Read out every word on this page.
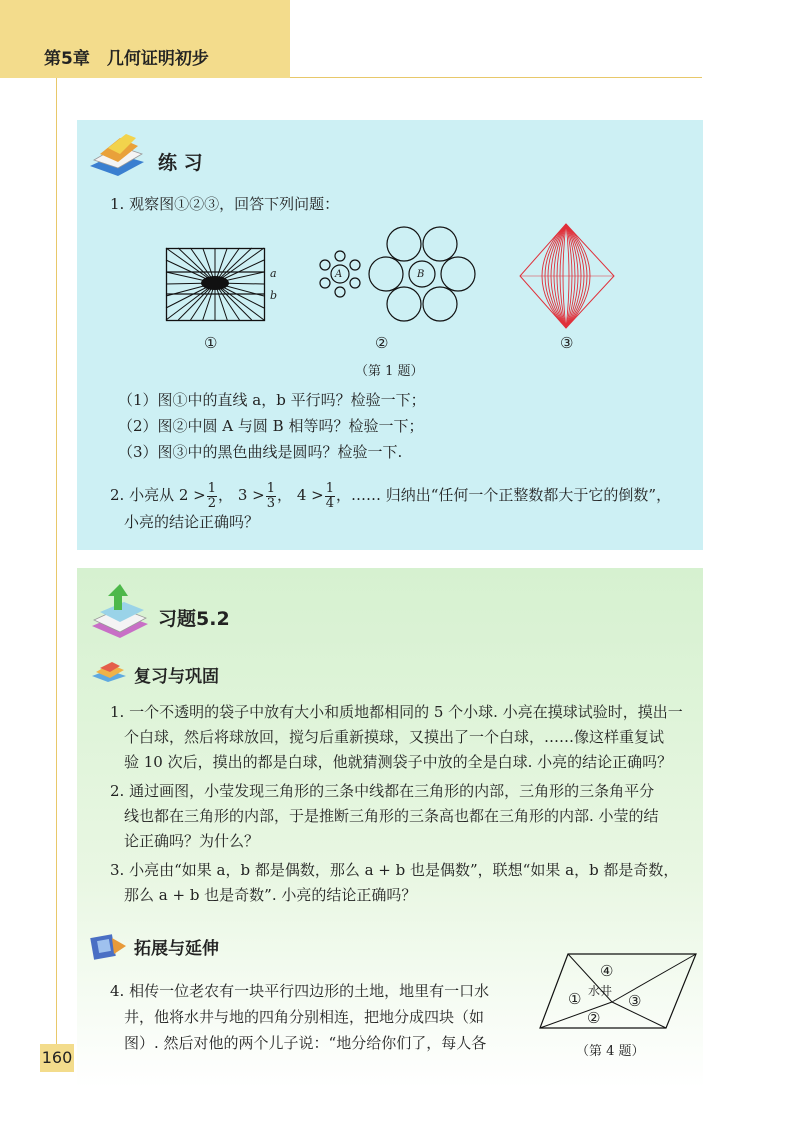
第5章　几何证明初步
练 习
1. 观察图①②③，回答下列问题：
a
b
A	B
①	②	③
（第 1 题）
（1）图①中的直线 a，b 平行吗？检验一下；
（2）图②中圆 A 与圆 B 相等吗？检验一下；
（3）图③中的黑色曲线是圆吗？检验一下.
2. 小亮从 $2 > \frac{1}{2}$ ， $3 > \frac{1}{3}$ ， $4 > \frac{1}{4}$ ，…… 归纳出“任何一个正整数都大于它的倒数”，
小亮的结论正确吗？
习题5.2
复习与巩固
1. 一个不透明的袋子中放有大小和质地都相同的 5 个小球. 小亮在摸球试验时，摸出一
个白球，然后将球放回，搅匀后重新摸球，又摸出了一个白球，……像这样重复试
验 10 次后，摸出的都是白球，他就猜测袋子中放的全是白球. 小亮的结论正确吗？
2. 通过画图，小莹发现三角形的三条中线都在三角形的内部，三角形的三条角平分
线也都在三角形的内部，于是推断三角形的三条高也都在三角形的内部. 小莹的结
论正确吗？为什么？
3. 小亮由“如果 a，b 都是偶数，那么 a + b 也是偶数”，联想“如果 a，b 都是奇数，
那么 a + b 也是奇数”. 小亮的结论正确吗？
拓展与延伸
4. 相传一位老农有一块平行四边形的土地，地里有一口水
井，他将水井与地的四角分别相连，把地分成四块（如
图）. 然后对他的两个儿子说：“地分给你们了，每人各
④
水井
①	③
②
（第 4 题）
160
